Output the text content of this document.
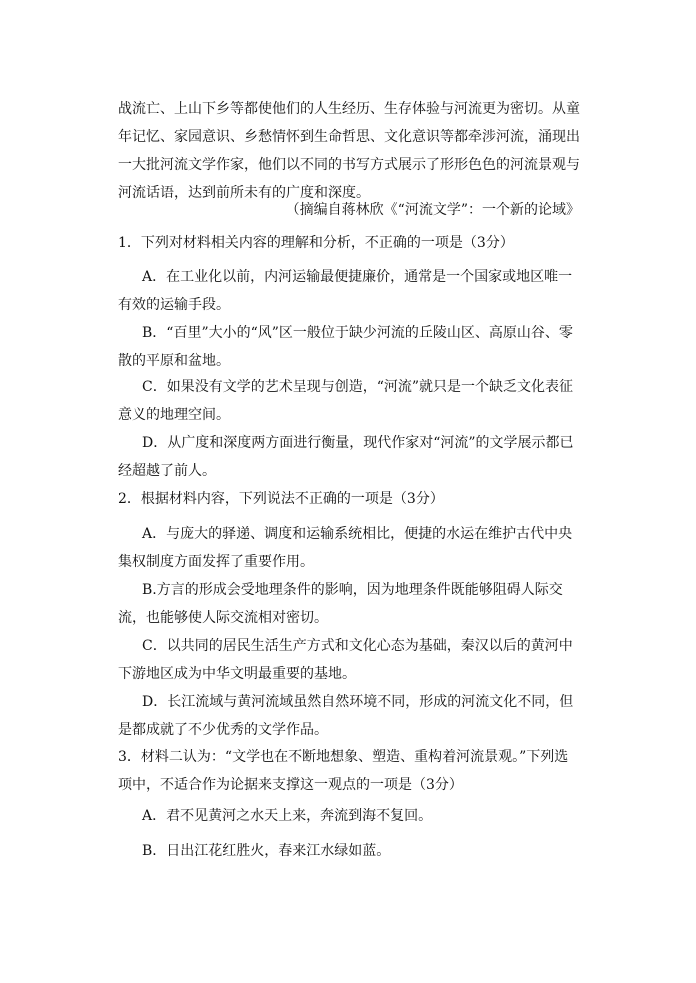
战流亡、上山下乡等都使他们的人生经历、生存体验与河流更为密切。从童年记忆、家园意识、乡愁情怀到生命哲思、文化意识等都牵涉河流，涌现出一大批河流文学作家，他们以不同的书写方式展示了形形色色的河流景观与河流话语，达到前所未有的广度和深度。

（摘编自蒋林欣《“河流文学”：一个新的论域》

1．下列对材料相关内容的理解和分析，不正确的一项是（3分）

A．在工业化以前，内河运输最便捷廉价，通常是一个国家或地区唯一有效的运输手段。

B．“百里”大小的“风”区一般位于缺少河流的丘陵山区、高原山谷、零散的平原和盆地。

C．如果没有文学的艺术呈现与创造，“河流”就只是一个缺乏文化表征意义的地理空间。

D．从广度和深度两方面进行衡量，现代作家对“河流”的文学展示都已经超越了前人。

2．根据材料内容，下列说法不正确的一项是（3分）

A．与庞大的驿递、调度和运输系统相比，便捷的水运在维护古代中央集权制度方面发挥了重要作用。

B.方言的形成会受地理条件的影响，因为地理条件既能够阻碍人际交流，也能够使人际交流相对密切。

C．以共同的居民生活生产方式和文化心态为基础，秦汉以后的黄河中下游地区成为中华文明最重要的基地。

D．长江流域与黄河流域虽然自然环境不同，形成的河流文化不同，但是都成就了不少优秀的文学作品。

3．材料二认为：“文学也在不断地想象、塑造、重构着河流景观。”下列选项中，不适合作为论据来支撑这一观点的一项是（3分）

A．君不见黄河之水天上来，奔流到海不复回。

B．日出江花红胜火，春来江水绿如蓝。
